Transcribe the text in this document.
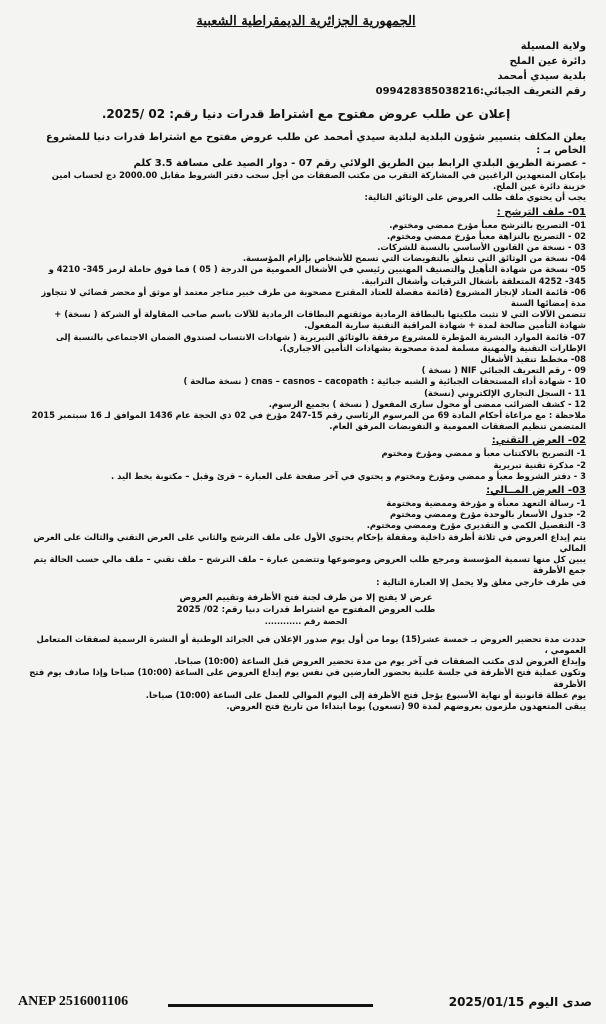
الجمهورية الجزائرية الديمقراطية الشعبية
ولاية المسيلة
دائرة عين الملح
بلدية سيدي أمحمد
رقم التعريف الجبائي:099428385038216
إعلان عن طلب عروض مفتوح مع اشتراط قدرات دنيا رقم: 02 /2025.

يعلن المكلف بتسيير شؤون البلدية لبلدية سيدي أمحمد عن طلب عروض مفتوح مع اشتراط قدرات دنيا للمشروع الخاص بـ :

- عصرنة الطريق البلدي الرابط بين الطريق الولائي رقم 07 - دوار الصيد على مسافة 3.5 كلم

بإمكان المتعهدين الراغبين في المشاركة التقرب من مكتب الصفقات من أجل سحب دفتر الشروط مقابل 2000.00 دج لحساب امين خزينة دائرة عين الملح.

يجب أن يحتوي ملف طلب العروض على الوثائق التالية:

01- ملف الترشح :

01- التصريح بالترشح معبأ مؤرخ ممضي ومختوم.

02 - التصريح بالنزاهة معبأ مؤرخ ممضي ومختوم.

03 - نسخة من القانون الأساسي بالنسبة للشركات.

04- نسخة من الوثائق التي تتعلق بالتفويضات التي تسمح للأشخاص بإلزام المؤسسة.

05- نسخة من شهادة التأهيل والتصنيف المهنيين رئيسي في الأشغال العمومية من الدرجة ( 05 ) فما فوق حاملة لرمز 345- 4210 و 345- 4252 المتعلقة بأشغال الترقيات وأشغال الترابية.

06- قائمة العتاد لإنجاز المشروع (قائمة مفصلة للعتاد المقترح مصحوبة من طرف خبير متاجر معتمد أو موثق أو محضر قضائي لا تتجاوز مدة إمضائها السنة

تتضمن الآلات التي لا تثبت ملكيتها بالبطاقة الرمادية موثقتهم البطاقات الرمادية للآلات باسم صاحب المقاولة أو الشركة ( نسخة) + شهادة التأمين صالحة لمدة + شهادة المراقبة التقنية سارية المفعول.

07- قائمة الموارد البشرية المؤطرة للمشروع مرفقة بالوثائق التبريرية ( شهادات الانتساب لصندوق الضمان الاجتماعي بالنسبة إلى الإطارات التقنية والمهنية مسلمة لمدة مصحوبة بشهادات التأمين الاجباري).

08- مخطط تنفيذ الأشغال

09 - رقم التعريف الجبائي NIF ( نسخة )

10 - شهادة أداء المستحقات الجبائية و الشبه جبائية : cnas – casnos – cacopath ( نسخة صالحة )

11 - السجل التجاري الإلكتروني (نسخة)

12 - كشف الضرائب ممضى أو محول سارى المفعول ( نسخة ) بجميع الرسوم.

ملاحظة : مع مراعاة أحكام المادة 69 من المرسوم الرئاسي رقم 15-247 مؤرخ في 02 ذي الحجة عام 1436 الموافق لـ 16 سبتمبر 2015 المتضمن تنظيم الصفقات العمومية و التفويضات المرفق العام.

02- العرض التقني:

1- التصريح بالاكتتاب معبأ و ممضي ومؤرخ ومختوم

2- مذكرة تقنية تبريرية

3 - دفتر الشروط معبأ و ممضي ومؤرخ ومختوم و يحتوي في آخر صفحة على العبارة – قرئ وقبل – مكتوبة بخط اليد .

03- العرض المــالي:

1- رسالة التعهد معبأة و مؤرخة وممضية ومختومة

2- جدول الأسعار بالوحدة مؤرخ وممضي ومختوم

3- التفصيل الكمي و التقديري مؤرخ وممضي ومختوم.

يتم إيداع العروض في ثلاثة أظرفة داخلية ومقفلة بإحكام يحتوي الأول على ملف الترشح والثاني على العرض التقني والثالث على العرض المالي

يبين كل منها تسمية المؤسسة ومرجع طلب العروض وموضوعها وتتضمن عبارة – ملف الترشح – ملف تقني – ملف مالي حسب الحالة يتم جمع الأظرفة

في ظرف خارجي مغلق ولا يحمل إلا العبارة التالية :

عرض لا يفتح إلا من طرف لجنة فتح الأظرفة وتقييم العروض
طلب العروض المفتوح مع اشتراط قدرات دنيا رقم: 02/ 2025
الحصة رقم ............

حددت مدة تحضير العروض بـ خمسة عشر(15) يوما من أول يوم صدور الإعلان في الجرائد الوطنية أو النشرة الرسمية لصفقات المتعامل العمومي ،

وإيداع العروض لدى مكتب الصفقات في آخر يوم من مدة تحضير العروض قبل الساعة (10:00) صباحا.

وتكون عملية فتح الأظرفة في جلسة علنية بحضور العارضين في نفس يوم إيداع العروض على الساعة (10:00) صباحا وإذا صادف يوم فتح الأظرفة

يوم عطلة قانونية أو نهاية الأسبوع يؤجل فتح الأظرفة إلى اليوم الموالي للعمل على الساعة (10:00) صباحا.

يبقى المتعهدون ملزمون بعروضهم لمدة 90 (تسعون) يوما ابتداءا من تاريخ فتح العروض.

ANEP 2516001106	صدى اليوم 2025/01/15
